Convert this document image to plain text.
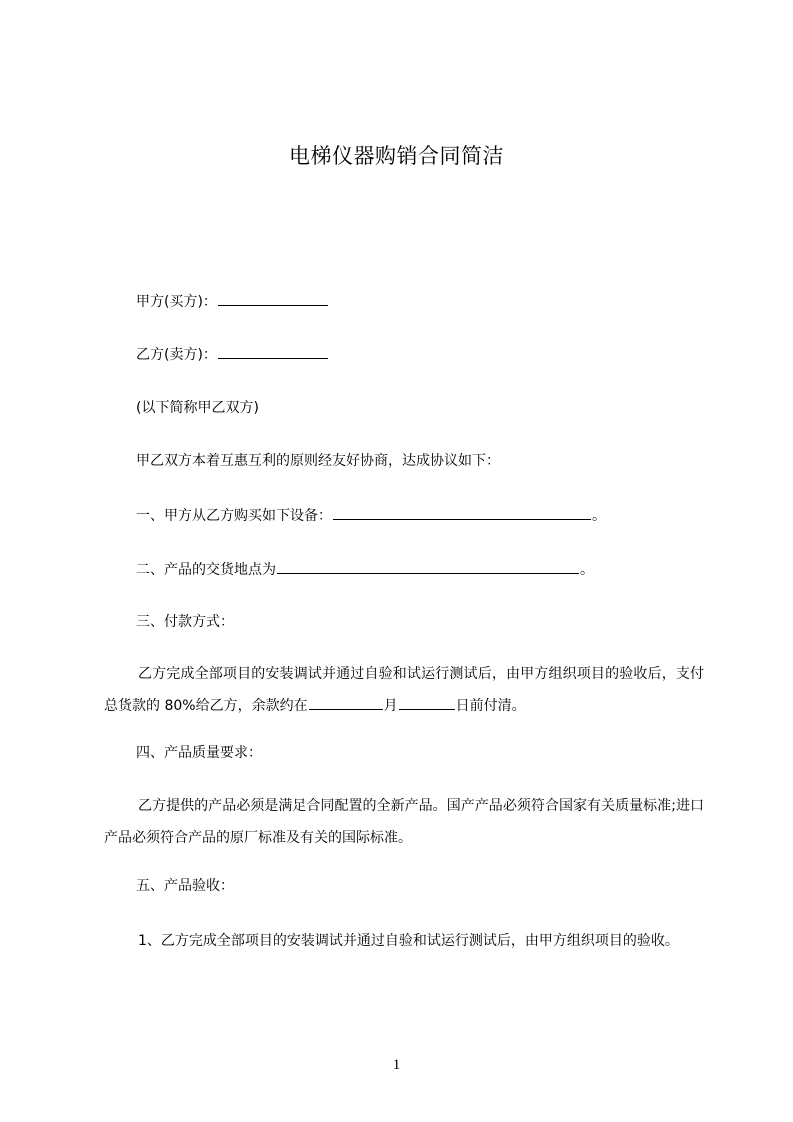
电梯仪器购销合同简洁
甲方(买方)：
乙方(卖方)：
(以下简称甲乙双方)
甲乙双方本着互惠互利的原则经友好协商，达成协议如下：
一、甲方从乙方购买如下设备：	。
二、产品的交货地点为	。
三、付款方式：
乙方完成全部项目的安装调试并通过自验和试运行测试后，由甲方组织项目的验收后，支付总货款的 80%给乙方，余款约在	月	日前付清。
四、产品质量要求：
乙方提供的产品必须是满足合同配置的全新产品。国产产品必须符合国家有关质量标准;进口产品必须符合产品的原厂标准及有关的国际标准。
五、产品验收：
1、乙方完成全部项目的安装调试并通过自验和试运行测试后，由甲方组织项目的验收。
1
